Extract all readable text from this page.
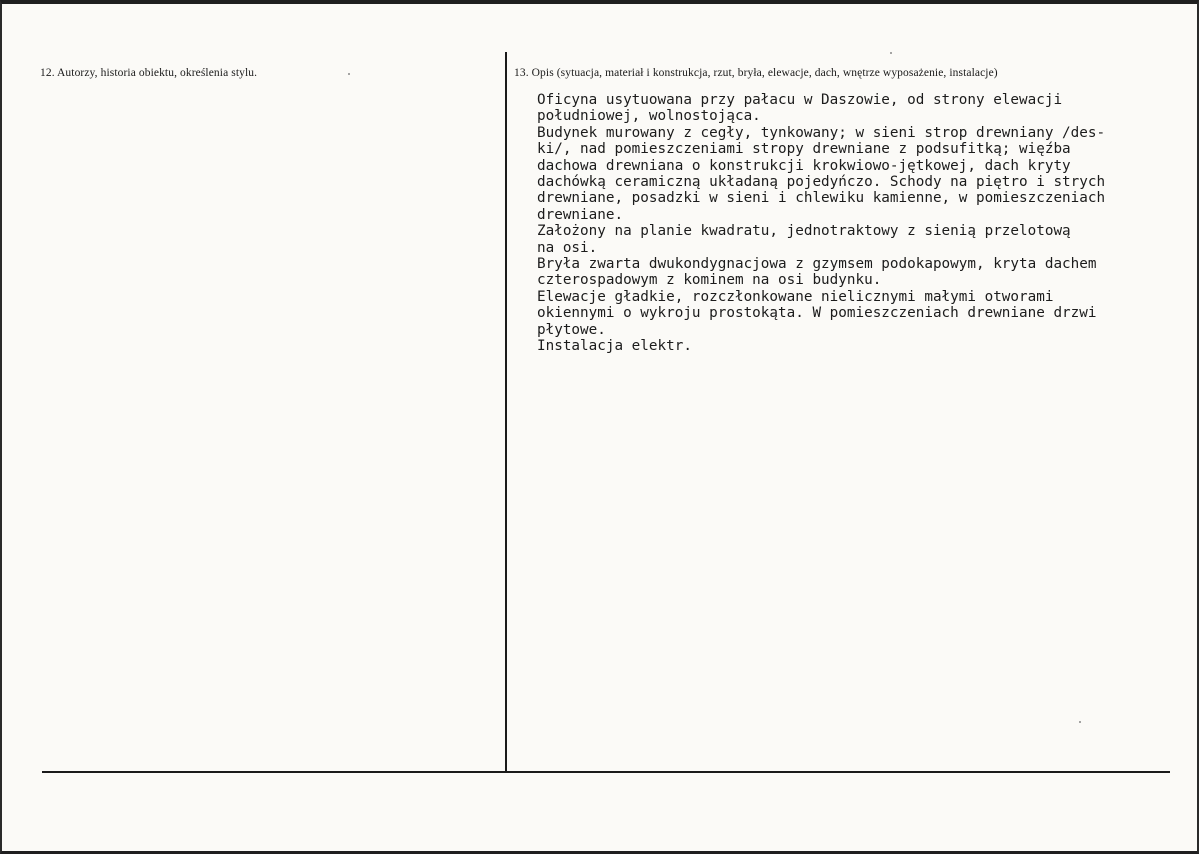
12. Autorzy, historia obiektu, określenia stylu.	13. Opis (sytuacja, materiał i konstrukcja, rzut, bryła, elewacje, dach, wnętrze wyposażenie, instalacje)
Oficyna usytuowana przy pałacu w Daszowie, od strony elewacji
południowej, wolnostojąca.
Budynek murowany z cegły, tynkowany; w sieni strop drewniany /des-
ki/, nad pomieszczeniami stropy drewniane z podsufitką; więźba
dachowa drewniana o konstrukcji krokwiowo-jętkowej, dach kryty
dachówką ceramiczną układaną pojedyńczo. Schody na piętro i strych
drewniane, posadzki w sieni i chlewiku kamienne, w pomieszczeniach
drewniane.
Założony na planie kwadratu, jednotraktowy z sienią przelotową
na osi.
Bryła zwarta dwukondygnacjowa z gzymsem podokapowym, kryta dachem
czterospadowym z kominem na osi budynku.
Elewacje gładkie, rozczłonkowane nielicznymi małymi otworami
okiennymi o wykroju prostokąta. W pomieszczeniach drewniane drzwi
płytowe.
Instalacja elektr.
